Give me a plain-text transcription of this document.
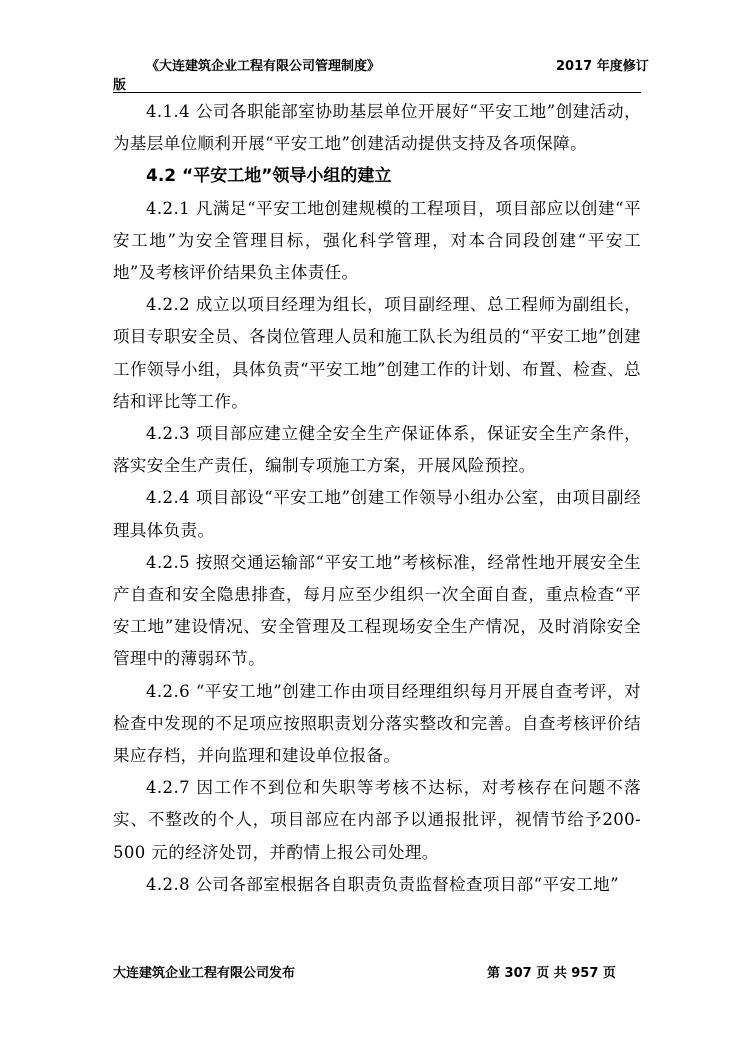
《大连建筑企业工程有限公司管理制度》	2017 年度修订
版

4.1.4 公司各职能部室协助基层单位开展好“平安工地”创建活动，为基层单位顺利开展“平安工地”创建活动提供支持及各项保障。

4.2 “平安工地”领导小组的建立

4.2.1 凡满足“平安工地创建规模的工程项目，项目部应以创建“平安工地”为安全管理目标，强化科学管理，对本合同段创建“平安工地”及考核评价结果负主体责任。

4.2.2 成立以项目经理为组长，项目副经理、总工程师为副组长，项目专职安全员、各岗位管理人员和施工队长为组员的“平安工地”创建工作领导小组，具体负责“平安工地”创建工作的计划、布置、检查、总结和评比等工作。

4.2.3 项目部应建立健全安全生产保证体系，保证安全生产条件，落实安全生产责任，编制专项施工方案，开展风险预控。

4.2.4 项目部设“平安工地”创建工作领导小组办公室，由项目副经理具体负责。

4.2.5 按照交通运输部“平安工地”考核标准，经常性地开展安全生产自查和安全隐患排查，每月应至少组织一次全面自查，重点检查“平安工地”建设情况、安全管理及工程现场安全生产情况，及时消除安全管理中的薄弱环节。

4.2.6 “平安工地”创建工作由项目经理组织每月开展自查考评，对检查中发现的不足项应按照职责划分落实整改和完善。自查考核评价结果应存档，并向监理和建设单位报备。

4.2.7 因工作不到位和失职等考核不达标，对考核存在问题不落实、不整改的个人，项目部应在内部予以通报批评，视情节给予200-500 元的经济处罚，并酌情上报公司处理。

4.2.8 公司各部室根据各自职责负责监督检查项目部“平安工地”

大连建筑企业工程有限公司发布	第 307 页 共 957 页
